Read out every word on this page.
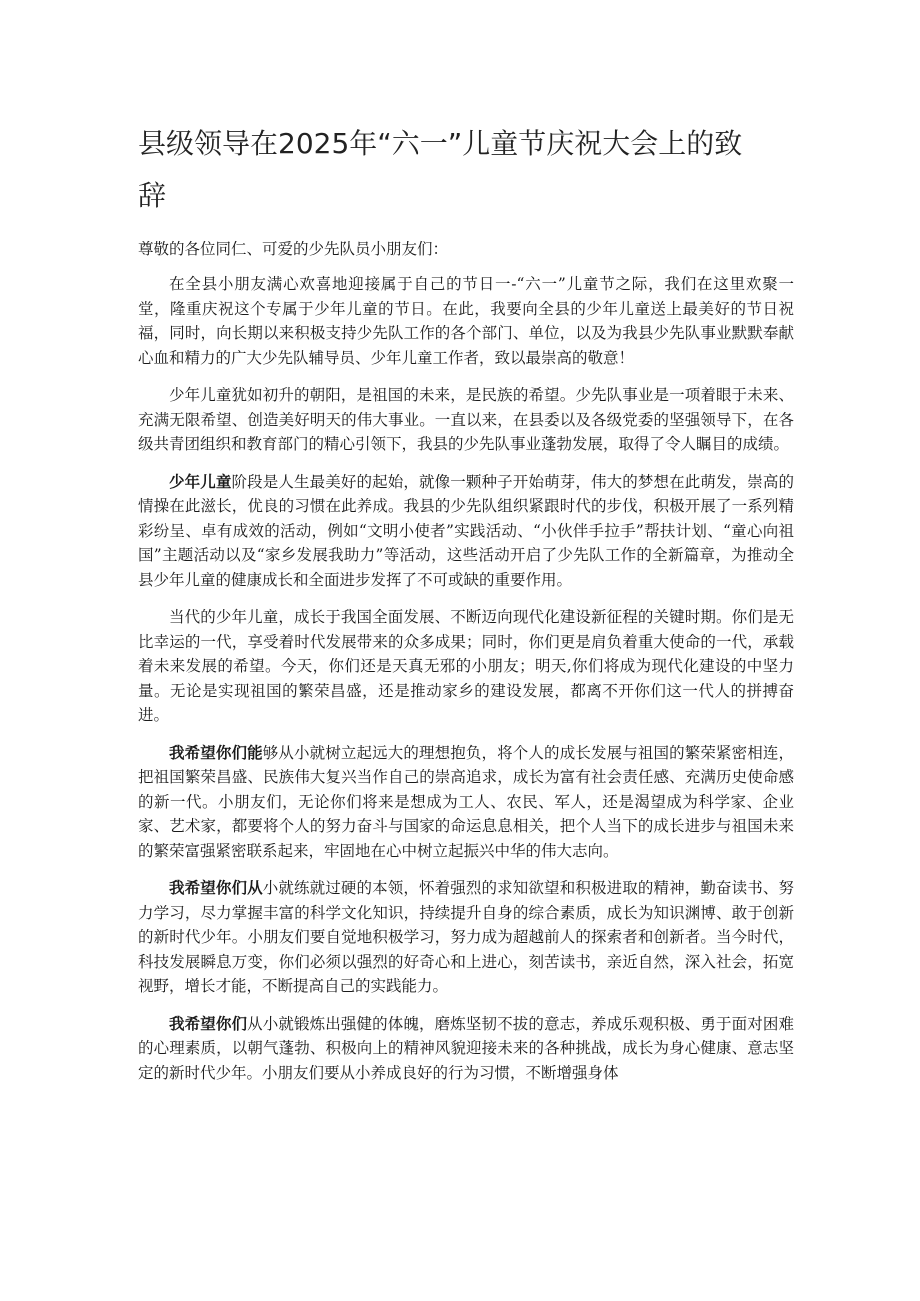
县级领导在2025年“六一”儿童节庆祝大会上的致辞

尊敬的各位同仁、可爱的少先队员小朋友们：

在全县小朋友满心欢喜地迎接属于自己的节日一-“六一”儿童节之际，我们在这里欢聚一堂，隆重庆祝这个专属于少年儿童的节日。在此，我要向全县的少年儿童送上最美好的节日祝福，同时，向长期以来积极支持少先队工作的各个部门、单位，以及为我县少先队事业默默奉献心血和精力的广大少先队辅导员、少年儿童工作者，致以最崇高的敬意！

少年儿童犹如初升的朝阳，是祖国的未来，是民族的希望。少先队事业是一项着眼于未来、充满无限希望、创造美好明天的伟大事业。一直以来，在县委以及各级党委的坚强领导下，在各级共青团组织和教育部门的精心引领下，我县的少先队事业蓬勃发展，取得了令人瞩目的成绩。

少年儿童阶段是人生最美好的起始，就像一颗种子开始萌芽，伟大的梦想在此萌发，崇高的情操在此滋长，优良的习惯在此养成。我县的少先队组织紧跟时代的步伐，积极开展了一系列精彩纷呈、卓有成效的活动，例如“文明小使者”实践活动、“小伙伴手拉手”帮扶计划、“童心向祖国”主题活动以及“家乡发展我助力”等活动，这些活动开启了少先队工作的全新篇章，为推动全县少年儿童的健康成长和全面进步发挥了不可或缺的重要作用。

当代的少年儿童，成长于我国全面发展、不断迈向现代化建设新征程的关键时期。你们是无比幸运的一代，享受着时代发展带来的众多成果；同时，你们更是肩负着重大使命的一代，承载着未来发展的希望。今天，你们还是天真无邪的小朋友；明天,你们将成为现代化建设的中坚力量。无论是实现祖国的繁荣昌盛，还是推动家乡的建设发展，都离不开你们这一代人的拼搏奋进。

我希望你们能够从小就树立起远大的理想抱负，将个人的成长发展与祖国的繁荣紧密相连，把祖国繁荣昌盛、民族伟大复兴当作自己的崇高追求，成长为富有社会责任感、充满历史使命感的新一代。小朋友们，无论你们将来是想成为工人、农民、军人，还是渴望成为科学家、企业家、艺术家，都要将个人的努力奋斗与国家的命运息息相关，把个人当下的成长进步与祖国未来的繁荣富强紧密联系起来，牢固地在心中树立起振兴中华的伟大志向。

我希望你们从小就练就过硬的本领，怀着强烈的求知欲望和积极进取的精神，勤奋读书、努力学习，尽力掌握丰富的科学文化知识，持续提升自身的综合素质，成长为知识渊博、敢于创新的新时代少年。小朋友们要自觉地积极学习，努力成为超越前人的探索者和创新者。当今时代，科技发展瞬息万变，你们必须以强烈的好奇心和上进心，刻苦读书，亲近自然，深入社会，拓宽视野，增长才能，不断提高自己的实践能力。

我希望你们从小就锻炼出强健的体魄，磨炼坚韧不拔的意志，养成乐观积极、勇于面对困难的心理素质，以朝气蓬勃、积极向上的精神风貌迎接未来的各种挑战，成长为身心健康、意志坚定的新时代少年。小朋友们要从小养成良好的行为习惯，不断增强身体
